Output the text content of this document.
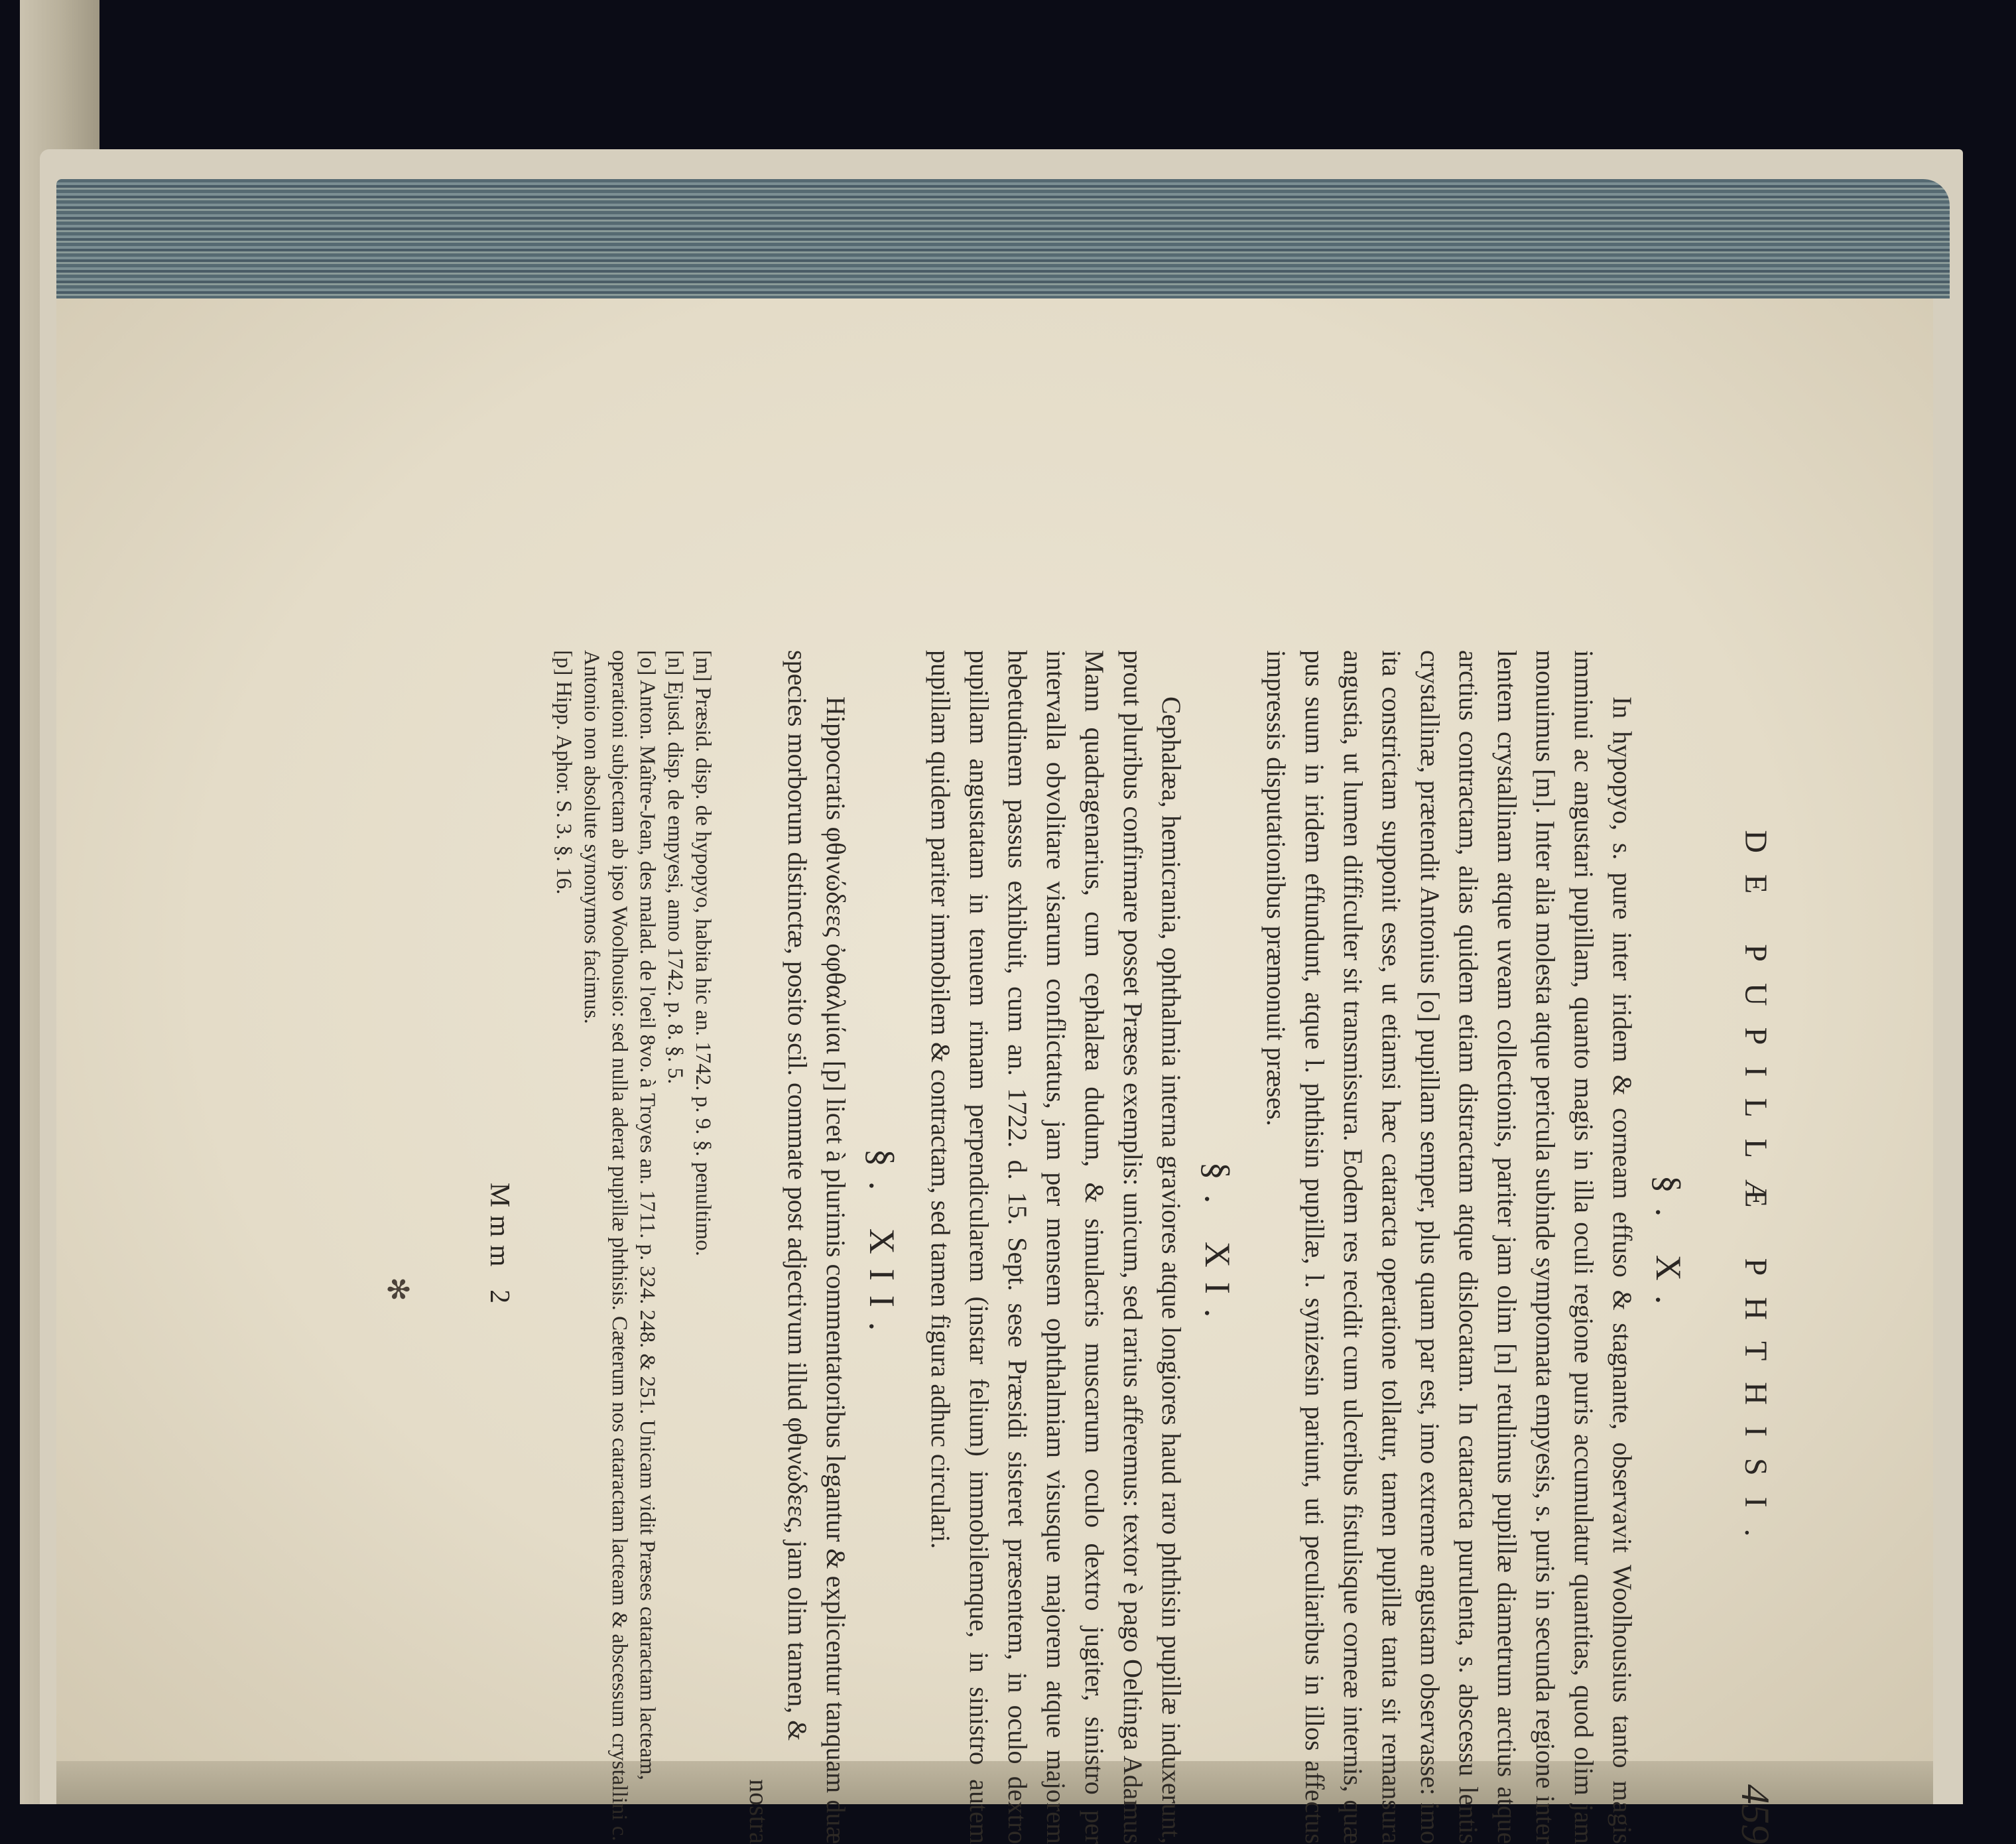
DE PUPILLÆ PHTHISI.
459
§. X.

In hypopyo, s. pure inter iridem & corneam effuso & stagnante, observavit Woolhousius tanto magis imminui ac angustari pupillam, quanto magis in illa oculi regione puris accumulatur quantitas, quod olim jam monuimus [m]. Inter alia molesta atque pericula subinde symptomata empyesis, s. puris in secunda regione inter lentem crystallinam atque uveam collectionis, pariter jam olim [n] retulimus pupillæ diametrum arctius atque arctius contractam, alias quidem etiam distractam atque dislocatam. In cataracta purulenta, s. abscessu lentis crystallinæ, prætendit Antonius [o] pupillam semper, plus quam par est, imo extreme angustam observasse: imo ita constrictam supponit esse, ut etiamsi hæc cataracta operatione tollatur, tamen pupillæ tanta sit remansura angustia, ut lumen difficulter sit transmissura. Eodem res recidit cum ulceribus fistulisque corneæ internis, quæ pus suum in iridem effundunt, atque l. phthisin pupillæ, l. synizesin pariunt, uti peculiaribus in illos affectus impressis disputationibus præmonuit præses.

§. XI.

Cephalæa, hemicrania, ophthalmia interna graviores atque longiores haud raro phthisin pupillæ induxerunt, prout pluribus confirmare posset Præses exemplis: unicum, sed rarius afferemus: textor è pago Oeltinga Adamus Mann quadragenarius, cum cephalæa dudum, & simulacris muscarum oculo dextro jugiter, sinistro per intervalla obvolitare visarum conflictatus, jam per mensem ophthalmiam visusque majorem atque majorem hebetudinem passus exhibuit, cum an. 1722. d. 15. Sept. sese Præsidi sisteret præsentem, in oculo dextro pupillam angustatam in tenuem rimam perpendicularem (instar felium) immobilemque, in sinistro autem pupillam quidem pariter immobilem & contractam, sed tamen figura adhuc circulari.

§. XII.

Hippocratis φθινώδεες ὀφθαλμίαι [p] licet à plurimis commentatoribus legantur & explicentur tanquam duæ species morborum distinctæ, posito scil. commate post adjectivum illud φθινώδεες, jam olim tamen, &

nostra

[m] Præsid. disp. de hypopyo, habita hic an. 1742. p. 9. §. penultimo.

[n] Ejusd. disp. de empyesi, anno 1742. p. 8. §. 5.

[o] Anton. Maître-Jean, des malad. de l'oeil 8vo. à Troyes an. 1711. p. 324. 248. & 251. Unicam vidit Præses cataractam lacteam, operationi subjectam ab ipso Woolhousio: sed nulla aderat pupillæ phthisis. Cæterum nos cataractam lacteam & abscessum crystallini c. Antonio non absolute synonymos facimus.

[p] Hipp. Aphor. S. 3. §. 16.

Mmm 2
✻
